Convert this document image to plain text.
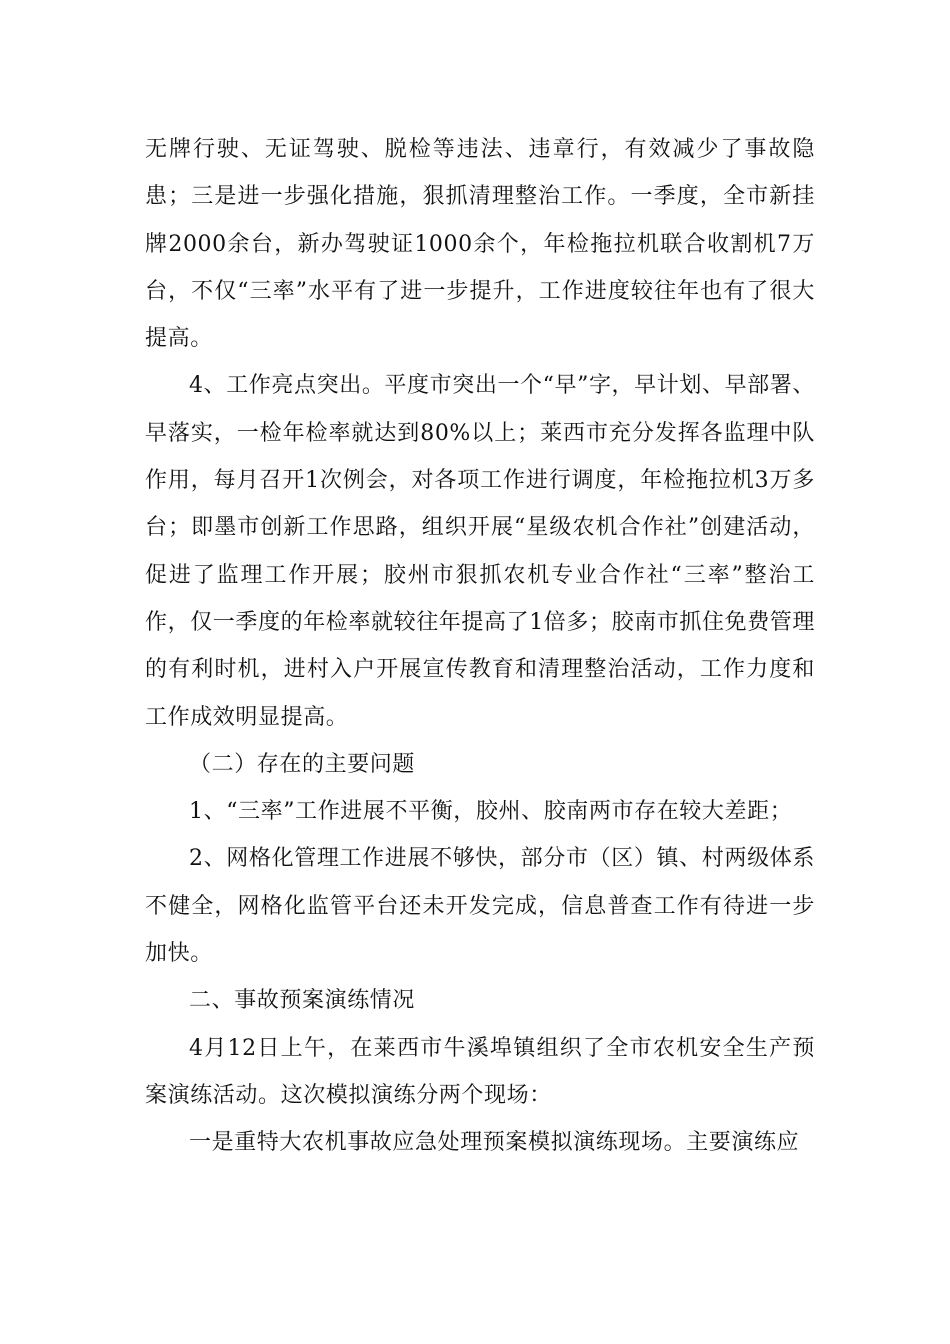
无牌行驶、无证驾驶、脱检等违法、违章行，有效减少了事故隐患；三是进一步强化措施，狠抓清理整治工作。一季度，全市新挂牌2000余台，新办驾驶证1000余个，年检拖拉机联合收割机7万台，不仅“三率”水平有了进一步提升，工作进度较往年也有了很大提高。

4、工作亮点突出。平度市突出一个“早”字，早计划、早部署、早落实，一检年检率就达到80%以上；莱西市充分发挥各监理中队作用，每月召开1次例会，对各项工作进行调度，年检拖拉机3万多台；即墨市创新工作思路，组织开展“星级农机合作社”创建活动，促进了监理工作开展；胶州市狠抓农机专业合作社“三率”整治工作，仅一季度的年检率就较往年提高了1倍多；胶南市抓住免费管理的有利时机，进村入户开展宣传教育和清理整治活动，工作力度和工作成效明显提高。

（二）存在的主要问题

1、“三率”工作进展不平衡，胶州、胶南两市存在较大差距；

2、网格化管理工作进展不够快，部分市（区）镇、村两级体系不健全，网格化监管平台还未开发完成，信息普查工作有待进一步加快。

二、事故预案演练情况

4月12日上午，在莱西市牛溪埠镇组织了全市农机安全生产预案演练活动。这次模拟演练分两个现场：

一是重特大农机事故应急处理预案模拟演练现场。主要演练应
